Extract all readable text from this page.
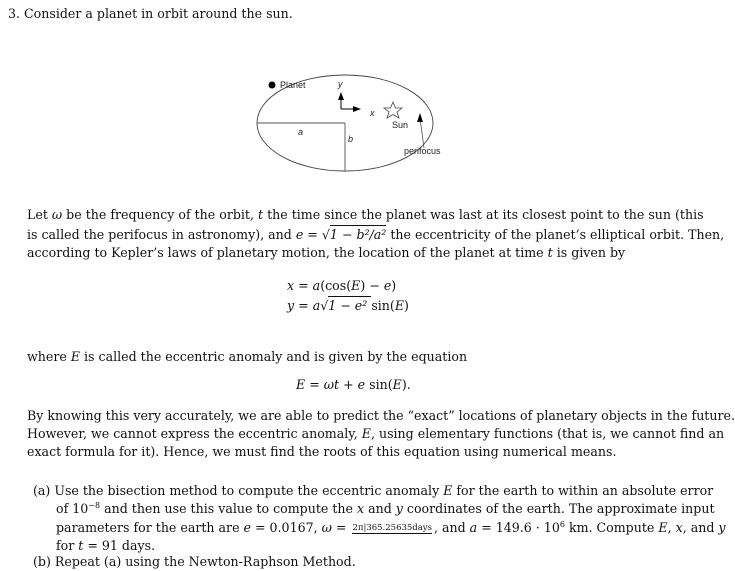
3. Consider a planet in orbit around the sun.
Planet	y
x
a
b
Sun
perifocus
Let ω be the frequency of the orbit, t the time since the planet was last at its closest point to the sun (this
is called the perifocus in astronomy), and e = √1 − b²/a² the eccentricity of the planet’s elliptical orbit. Then,
according to Kepler’s laws of planetary motion, the location of the planet at time t is given by
x = a(cos(E) − e)
y = a√1 − e² sin(E)
where E is called the eccentric anomaly and is given by the equation
E = ωt + e sin(E).
By knowing this very accurately, we are able to predict the “exact” locations of planetary objects in the future.
However, we cannot express the eccentric anomaly, E, using elementary functions (that is, we cannot find an
exact formula for it). Hence, we must find the roots of this equation using numerical means.
(a) Use the bisection method to compute the eccentric anomaly E for the earth to within an absolute error
of $10^{-8}$ and then use this value to compute the x and y coordinates of the earth. The approximate input
parameters for the earth are e = 0.0167, ω = 2π|365.25635days , and $a = 149.6 \cdot 10^6$ km. Compute E, x, and y
for t = 91 days.
(b) Repeat (a) using the Newton-Raphson Method.
